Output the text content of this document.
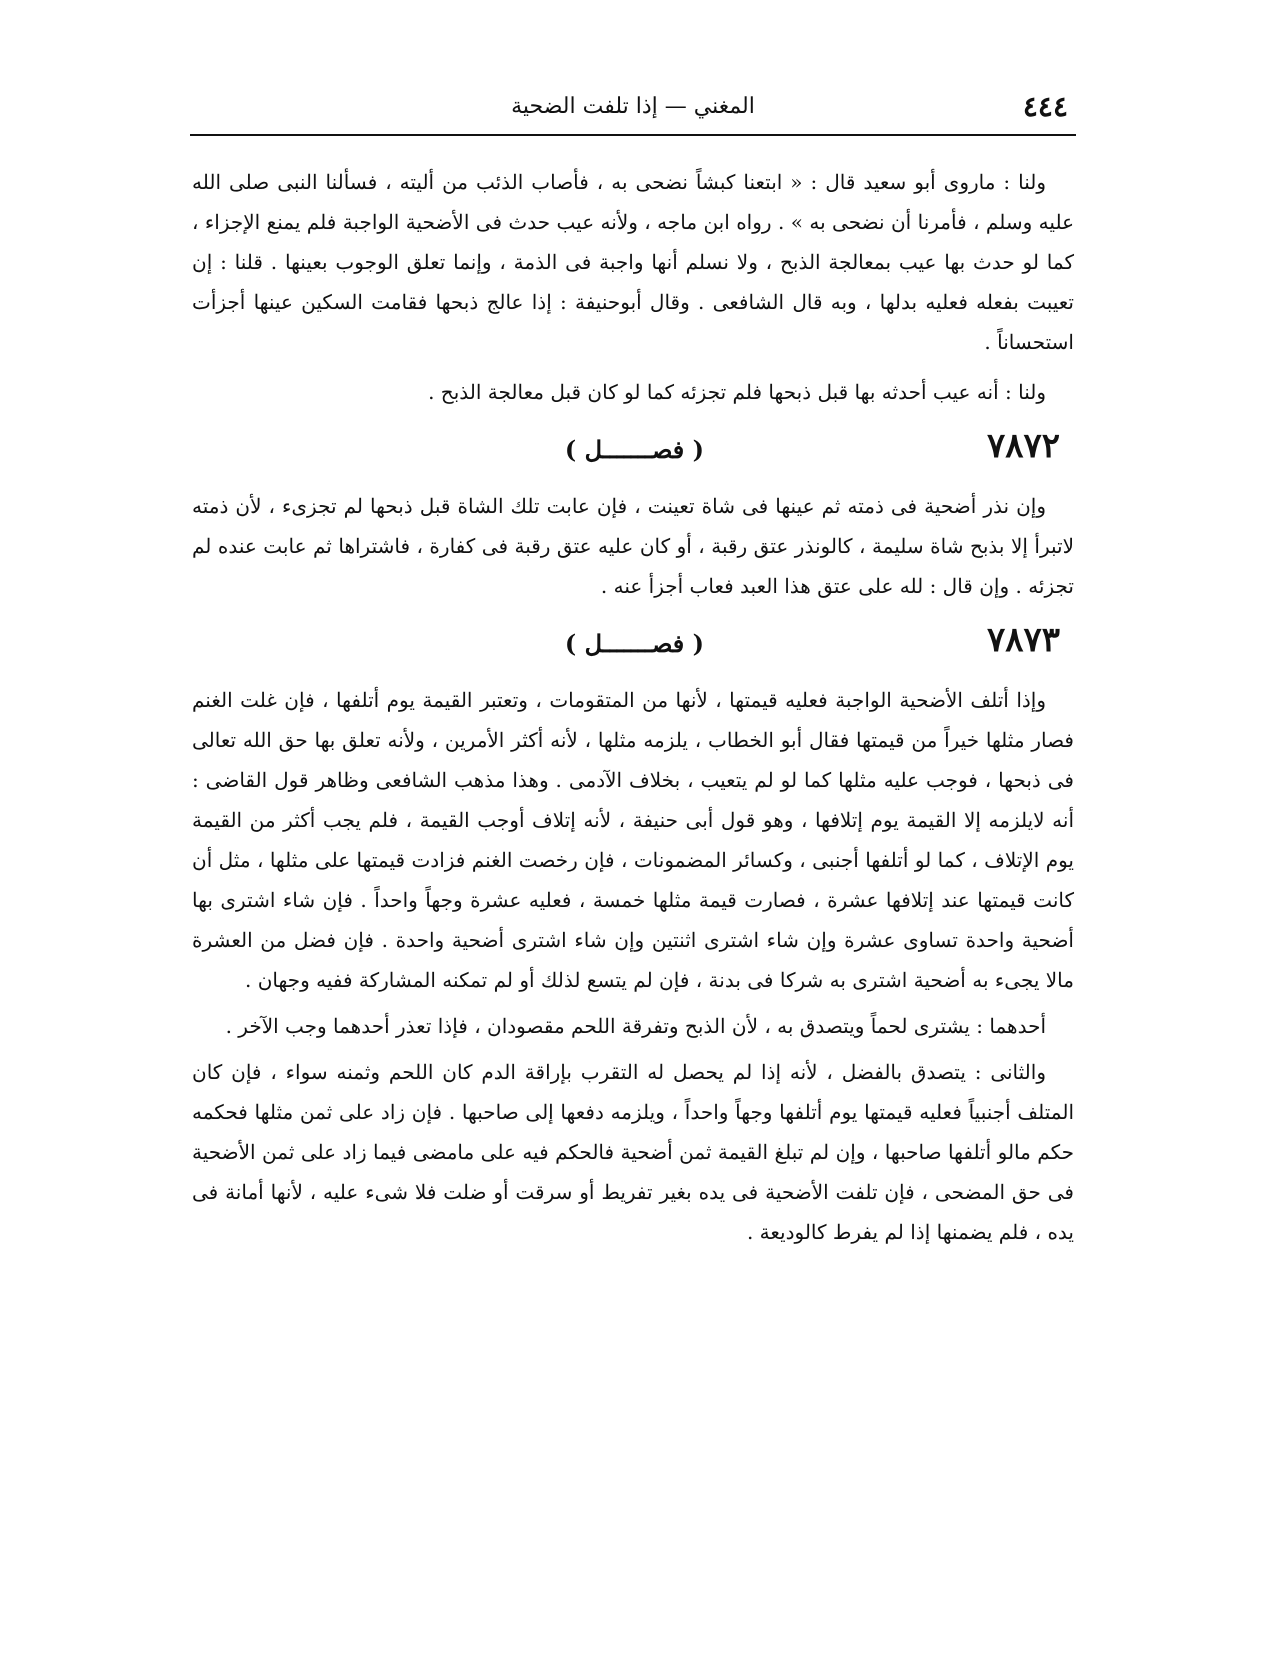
٤٤٤
المغني — إذا تلفت الضحية

ولنا : ماروى أبو سعيد قال : « ابتعنا كبشاً نضحى به ، فأصاب الذئب من أليته ، فسألنا النبى صلى الله عليه وسلم ، فأمرنا أن نضحى به » . رواه ابن ماجه ، ولأنه عيب حدث فى الأضحية الواجبة فلم يمنع الإجزاء ، كما لو حدث بها عيب بمعالجة الذبح ، ولا نسلم أنها واجبة فى الذمة ، وإنما تعلق الوجوب بعينها . قلنا : إن تعيبت بفعله فعليه بدلها ، وبه قال الشافعى . وقال أبوحنيفة : إذا عالج ذبحها فقامت السكين عينها أجزأت استحساناً .

ولنا : أنه عيب أحدثه بها قبل ذبحها فلم تجزئه كما لو كان قبل معالجة الذبح .

٧٨٧٢
( فصـــــــل )

وإن نذر أضحية فى ذمته ثم عينها فى شاة تعينت ، فإن عابت تلك الشاة قبل ذبحها لم تجزىء ، لأن ذمته لاتبرأ إلا بذبح شاة سليمة ، كالونذر عتق رقبة ، أو كان عليه عتق رقبة فى كفارة ، فاشتراها ثم عابت عنده لم تجزئه . وإن قال : لله على عتق هذا العبد فعاب أجزأ عنه .

٧٨٧٣
( فصـــــــل )

وإذا أتلف الأضحية الواجبة فعليه قيمتها ، لأنها من المتقومات ، وتعتبر القيمة يوم أتلفها ، فإن غلت الغنم فصار مثلها خيراً من قيمتها فقال أبو الخطاب ، يلزمه مثلها ، لأنه أكثر الأمرين ، ولأنه تعلق بها حق الله تعالى فى ذبحها ، فوجب عليه مثلها كما لو لم يتعيب ، بخلاف الآدمى . وهذا مذهب الشافعى وظاهر قول القاضى : أنه لايلزمه إلا القيمة يوم إتلافها ، وهو قول أبى حنيفة ، لأنه إتلاف أوجب القيمة ، فلم يجب أكثر من القيمة يوم الإتلاف ، كما لو أتلفها أجنبى ، وكسائر المضمونات ، فإن رخصت الغنم فزادت قيمتها على مثلها ، مثل أن كانت قيمتها عند إتلافها عشرة ، فصارت قيمة مثلها خمسة ، فعليه عشرة وجهاً واحداً . فإن شاء اشترى بها أضحية واحدة تساوى عشرة وإن شاء اشترى اثنتين وإن شاء اشترى أضحية واحدة . فإن فضل من العشرة مالا يجىء به أضحية اشترى به شركا فى بدنة ، فإن لم يتسع لذلك أو لم تمكنه المشاركة ففيه وجهان .

أحدهما : يشترى لحماً ويتصدق به ، لأن الذبح وتفرقة اللحم مقصودان ، فإذا تعذر أحدهما وجب الآخر .

والثانى : يتصدق بالفضل ، لأنه إذا لم يحصل له التقرب بإراقة الدم كان اللحم وثمنه سواء ، فإن كان المتلف أجنبياً فعليه قيمتها يوم أتلفها وجهاً واحداً ، ويلزمه دفعها إلى صاحبها . فإن زاد على ثمن مثلها فحكمه حكم مالو أتلفها صاحبها ، وإن لم تبلغ القيمة ثمن أضحية فالحكم فيه على مامضى فيما زاد على ثمن الأضحية فى حق المضحى ، فإن تلفت الأضحية فى يده بغير تفريط أو سرقت أو ضلت فلا شىء عليه ، لأنها أمانة فى يده ، فلم يضمنها إذا لم يفرط كالوديعة .
